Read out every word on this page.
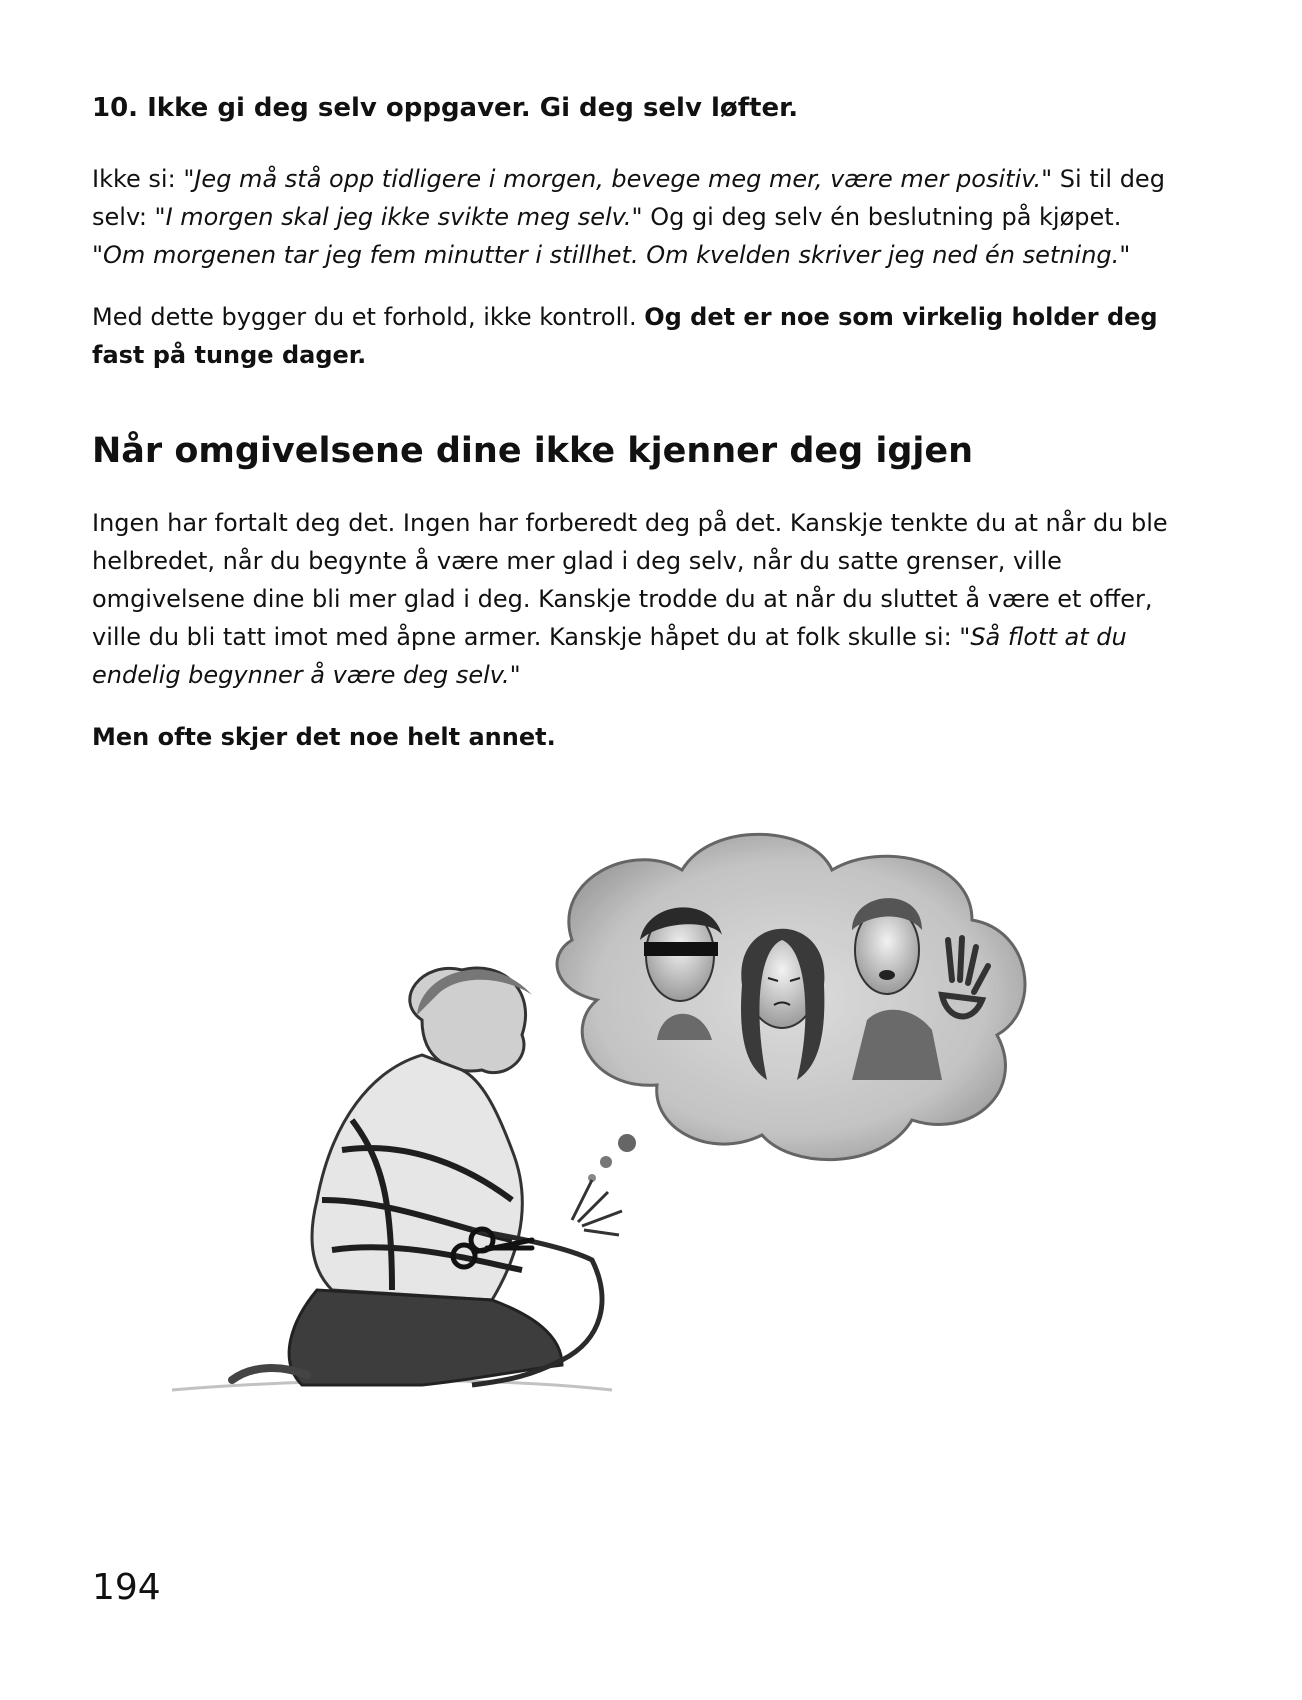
10. Ikke gi deg selv oppgaver. Gi deg selv løfter.

Ikke si: "Jeg må stå opp tidligere i morgen, bevege meg mer, være mer positiv." Si til deg selv: "I morgen skal jeg ikke svikte meg selv." Og gi deg selv én beslutning på kjøpet. "Om morgenen tar jeg fem minutter i stillhet. Om kvelden skriver jeg ned én setning."

Med dette bygger du et forhold, ikke kontroll. Og det er noe som virkelig holder deg fast på tunge dager.

Når omgivelsene dine ikke kjenner deg igjen

Ingen har fortalt deg det. Ingen har forberedt deg på det. Kanskje tenkte du at når du ble helbredet, når du begynte å være mer glad i deg selv, når du satte grenser, ville omgivelsene dine bli mer glad i deg. Kanskje trodde du at når du sluttet å være et offer, ville du bli tatt imot med åpne armer. Kanskje håpet du at folk skulle si: "Så flott at du endelig begynner å være deg selv."

Men ofte skjer det noe helt annet.

194
